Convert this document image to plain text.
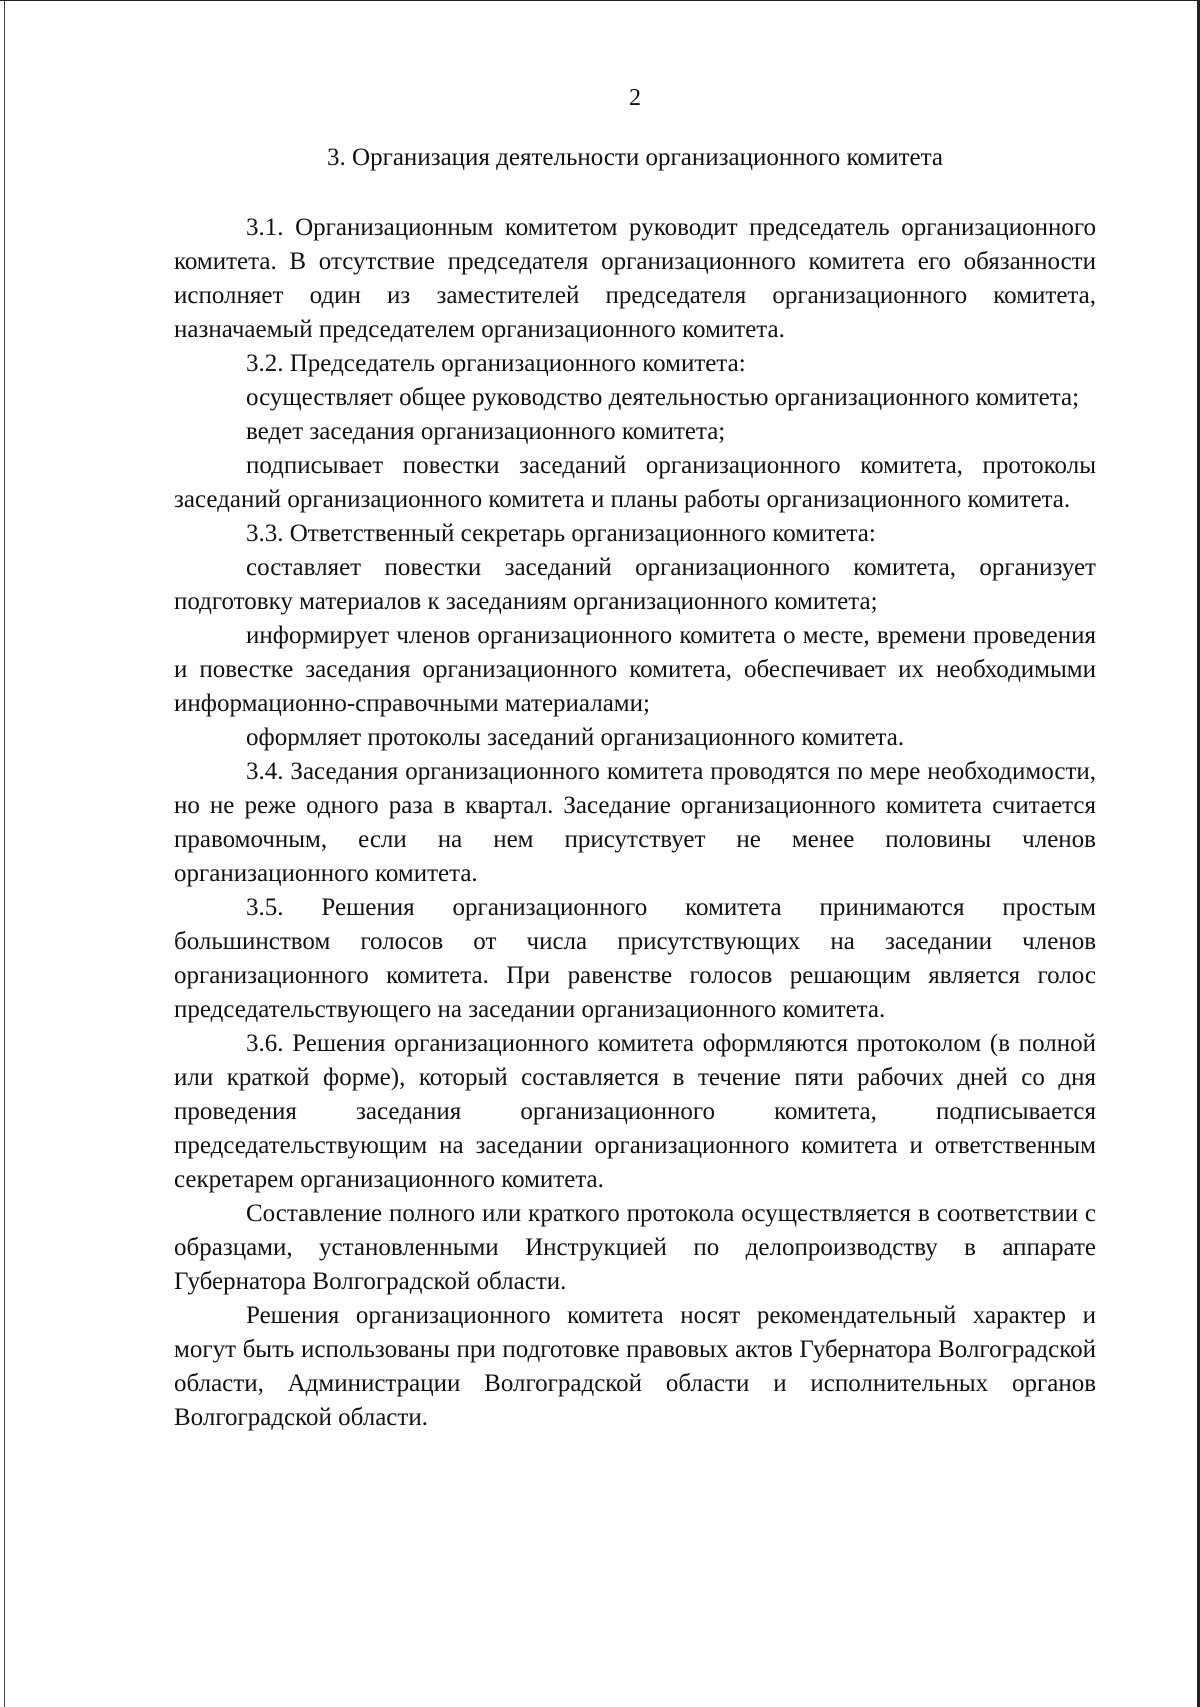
2
3. Организация деятельности организационного комитета

3.1. Организационным комитетом руководит председатель организационного комитета. В отсутствие председателя организационного комитета его обязанности исполняет один из заместителей председателя организационного комитета, назначаемый председателем организационного комитета.

3.2. Председатель организационного комитета:

осуществляет общее руководство деятельностью организационного комитета;

ведет заседания организационного комитета;

подписывает повестки заседаний организационного комитета, протоколы заседаний организационного комитета и планы работы организационного комитета.

3.3. Ответственный секретарь организационного комитета:

составляет повестки заседаний организационного комитета, организует подготовку материалов к заседаниям организационного комитета;

информирует членов организационного комитета о месте, времени проведения и повестке заседания организационного комитета, обеспечивает их необходимыми информационно-справочными материалами;

оформляет протоколы заседаний организационного комитета.

3.4. Заседания организационного комитета проводятся по мере необходимости, но не реже одного раза в квартал. Заседание организационного комитета считается правомочным, если на нем присутствует не менее половины членов организационного комитета.

3.5. Решения организационного комитета принимаются простым большинством голосов от числа присутствующих на заседании членов организационного комитета. При равенстве голосов решающим является голос председательствующего на заседании организационного комитета.

3.6. Решения организационного комитета оформляются протоколом (в полной или краткой форме), который составляется в течение пяти рабочих дней со дня проведения заседания организационного комитета, подписывается председательствующим на заседании организационного комитета и ответственным секретарем организационного комитета.

Составление полного или краткого протокола осуществляется в соответствии с образцами, установленными Инструкцией по делопроизводству в аппарате Губернатора Волгоградской области.

Решения организационного комитета носят рекомендательный характер и могут быть использованы при подготовке правовых актов Губернатора Волгоградской области, Администрации Волгоградской области и исполнительных органов Волгоградской области.
